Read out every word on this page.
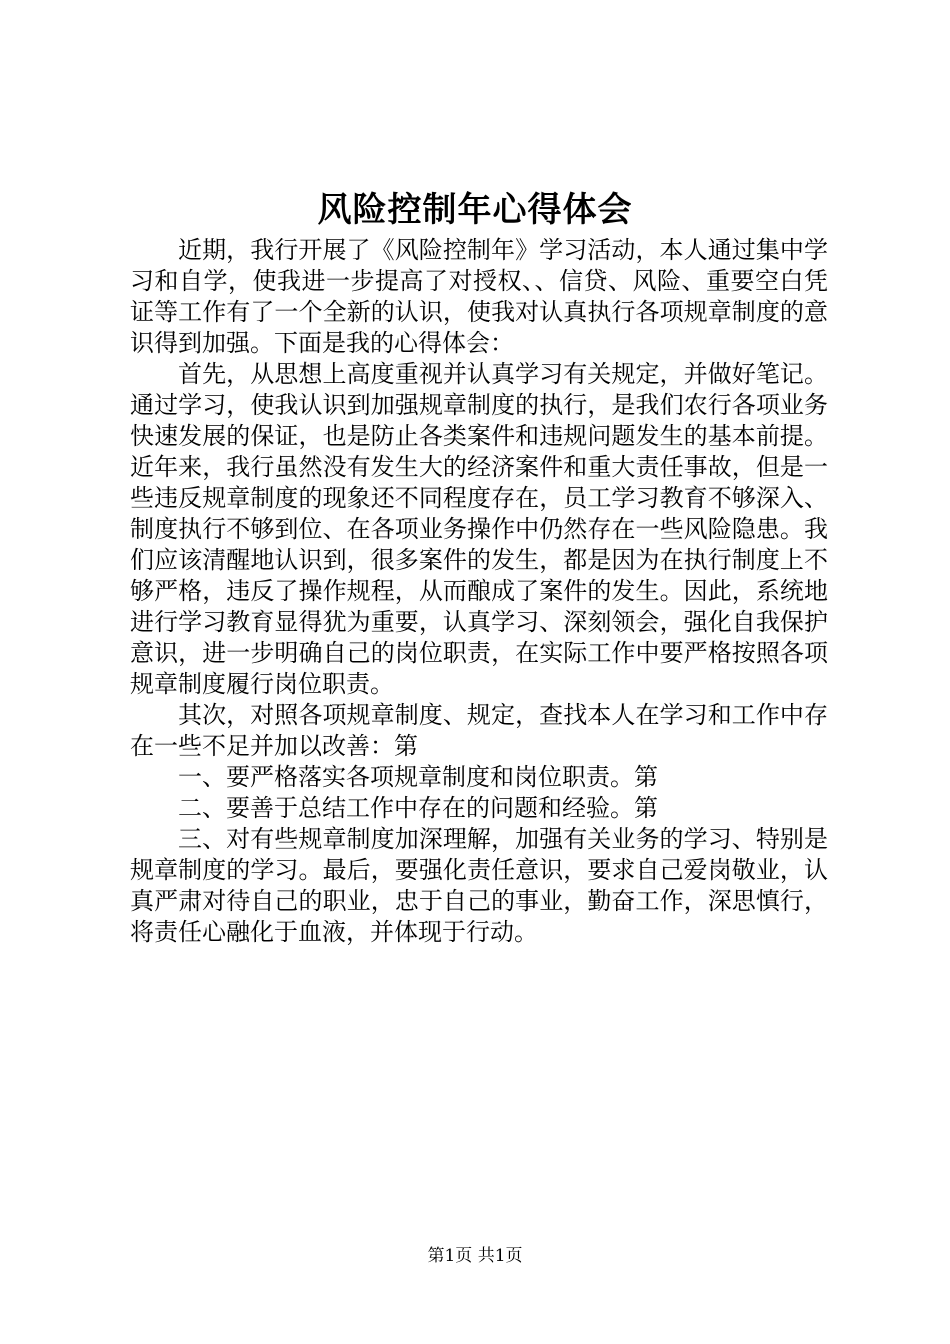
风险控制年心得体会

近期，我行开展了《风险控制年》学习活动，本人通过集中学习和自学，使我进一步提高了对授权、、信贷、风险、重要空白凭证等工作有了一个全新的认识，使我对认真执行各项规章制度的意识得到加强。下面是我的心得体会：

首先，从思想上高度重视并认真学习有关规定，并做好笔记。通过学习，使我认识到加强规章制度的执行，是我们农行各项业务快速发展的保证，也是防止各类案件和违规问题发生的基本前提。近年来，我行虽然没有发生大的经济案件和重大责任事故，但是一些违反规章制度的现象还不同程度存在，员工学习教育不够深入、制度执行不够到位、在各项业务操作中仍然存在一些风险隐患。我们应该清醒地认识到，很多案件的发生，都是因为在执行制度上不够严格，违反了操作规程，从而酿成了案件的发生。因此，系统地进行学习教育显得犹为重要，认真学习、深刻领会，强化自我保护意识，进一步明确自己的岗位职责，在实际工作中要严格按照各项规章制度履行岗位职责。

其次，对照各项规章制度、规定，查找本人在学习和工作中存在一些不足并加以改善：第

一、要严格落实各项规章制度和岗位职责。第

二、要善于总结工作中存在的问题和经验。第

三、对有些规章制度加深理解，加强有关业务的学习、特别是规章制度的学习。最后，要强化责任意识，要求自己爱岗敬业，认真严肃对待自己的职业，忠于自己的事业，勤奋工作，深思慎行，将责任心融化于血液，并体现于行动。

第1页 共1页
